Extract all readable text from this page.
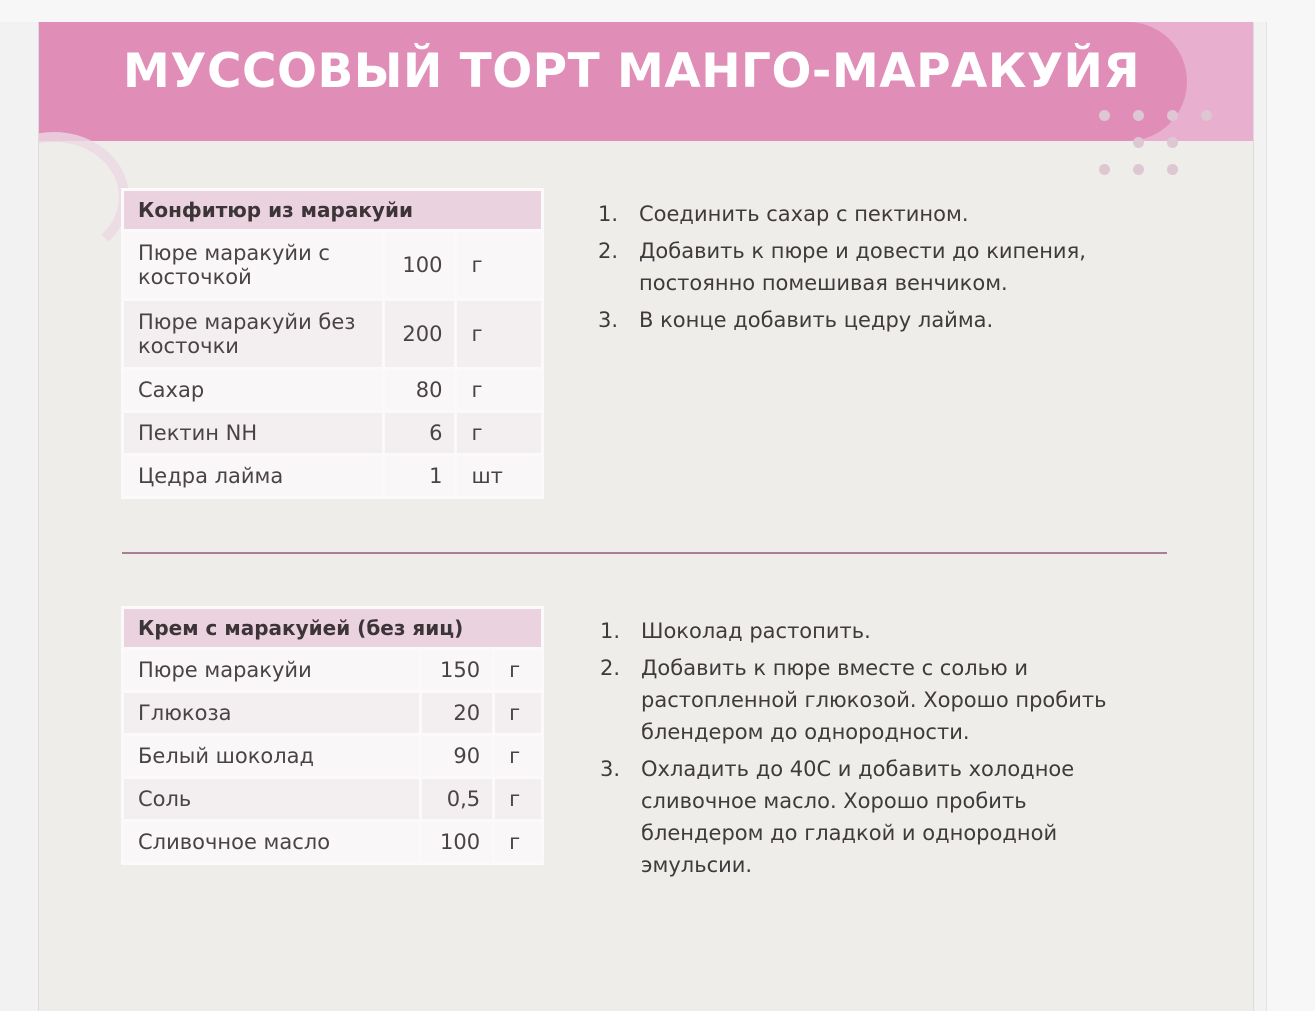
МУССОВЫЙ ТОРТ МАНГО-МАРАКУЙЯ
Конфитюр из маракуйи		
Пюре маракуйи с косточкой	100	г
Пюре маракуйи без косточки	200	г
Сахар	80	г
Пектин NH	6	г
Цедра лайма	1	шт
1. Соединить сахар с пектином.
2. Добавить к пюре и довести до кипения, постоянно помешивая венчиком.
3. В конце добавить цедру лайма.
Крем с маракуйей (без яиц)		
Пюре маракуйи	150	г
Глюкоза	20	г
Белый шоколад	90	г
Соль	0,5	г
Сливочное масло	100	г
1. Шоколад растопить.
2. Добавить к пюре вместе с солью и растопленной глюкозой. Хорошо пробить блендером до однородности.
3. Охладить до 40С и добавить холодное сливочное масло. Хорошо пробить блендером до гладкой и однородной эмульсии.
